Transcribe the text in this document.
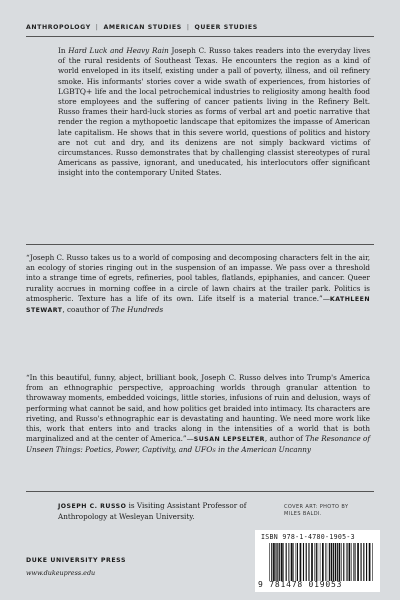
ANTHROPOLOGY | AMERICAN STUDIES | QUEER STUDIES
In Hard Luck and Heavy Rain Joseph C. Russo takes readers into the everyday lives of the rural residents of Southeast Texas. He encounters the region as a kind of world enveloped in its itself, existing under a pall of poverty, illness, and oil refinery smoke. His informants' stories cover a wide swath of experiences, from histories of LGBTQ+ life and the local petrochemical industries to religiosity among health food store employees and the suffering of cancer patients living in the Refinery Belt. Russo frames their hard-luck stories as forms of verbal art and poetic narrative that render the region a mythopoetic landscape that epitomizes the impasse of American late capitalism. He shows that in this severe world, questions of politics and history are not cut and dry, and its denizens are not simply backward victims of circumstances. Russo demonstrates that by challenging classist stereotypes of rural Americans as passive, ignorant, and uneducated, his interlocutors offer significant insight into the contemporary United States.
“Joseph C. Russo takes us to a world of composing and decomposing characters felt in the air, an ecology of stories ringing out in the suspension of an impasse. We pass over a threshold into a strange time of egrets, refineries, pool tables, flatlands, epiphanies, and cancer. Queer rurality accrues in morning coffee in a circle of lawn chairs at the trailer park. Politics is atmospheric. Texture has a life of its own. Life itself is a material trance.”—KATHLEEN STEWART, coauthor of The Hundreds
“In this beautiful, funny, abject, brilliant book, Joseph C. Russo delves into Trump's America from an ethnographic perspective, approaching worlds through granular attention to throwaway moments, embedded voicings, little stories, infusions of ruin and delusion, ways of performing what cannot be said, and how politics get braided into intimacy. Its characters are riveting, and Russo's ethnographic ear is devastating and haunting. We need more work like this, work that enters into and tracks along in the intensities of a world that is both marginalized and at the center of America.”—SUSAN LEPSELTER, author of The Resonance of Unseen Things: Poetics, Power, Captivity, and UFOs in the American Uncanny
JOSEPH C. RUSSO is Visiting Assistant Professor of Anthropology at Wesleyan University.
COVER ART: PHOTO BY
MILES BALDI.
DUKE UNIVERSITY PRESS
www.dukeupress.edu
ISBN 978-1-4780-1905-3
9 781478 019053
